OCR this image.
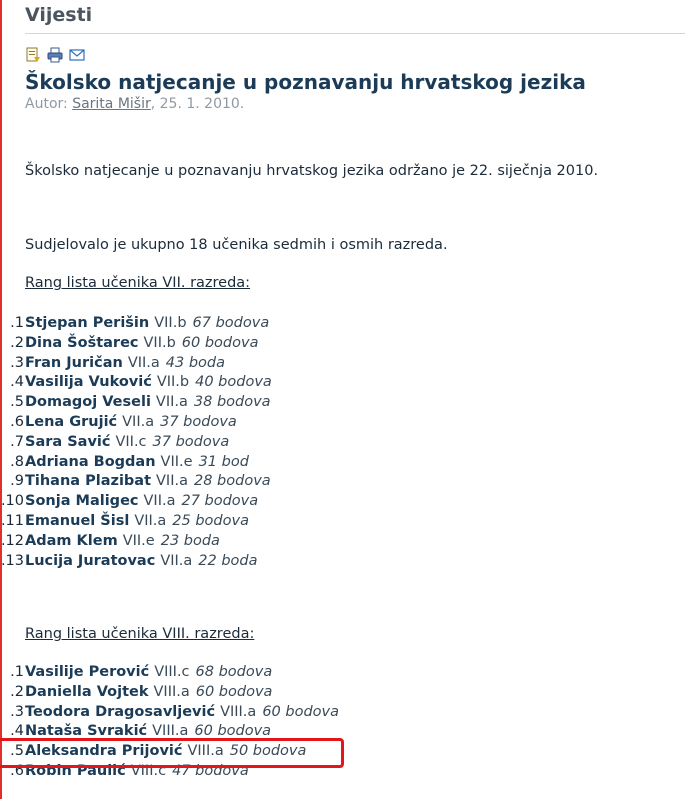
Vijesti
Školsko natjecanje u poznavanju hrvatskog jezika
Autor: Sarita Mišir, 25. 1. 2010.
Školsko natjecanje u poznavanju hrvatskog jezika održano je 22. siječnja 2010.
Sudjelovalo je ukupno 18 učenika sedmih i osmih razreda.
Rang lista učenika VII. razreda:
1. Stjepan Perišin VII.b 67 bodova
2. Dina Šoštarec VII.b 60 bodova
3. Fran Juričan VII.a 43 boda
4. Vasilija Vuković VII.b 40 bodova
5. Domagoj Veseli VII.a 38 bodova
6. Lena Grujić VII.a 37 bodova
7. Sara Savić VII.c 37 bodova
8. Adriana Bogdan VII.e 31 bod
9. Tihana Plazibat VII.a 28 bodova
10. Sonja Maligec VII.a 27 bodova
11. Emanuel Šisl VII.a 25 bodova
12. Adam Klem VII.e 23 boda
13. Lucija Juratovac VII.a 22 boda
Rang lista učenika VIII. razreda:
1. Vasilije Perović VIII.c 68 bodova
2. Daniella Vojtek VIII.a 60 bodova
3. Teodora Dragosavljević VIII.a 60 bodova
4. Nataša Svrakić VIII.a 60 bodova
5. Aleksandra Prijović VIII.a 50 bodova
6. Robin Paulić VIII.c 47 bodova
